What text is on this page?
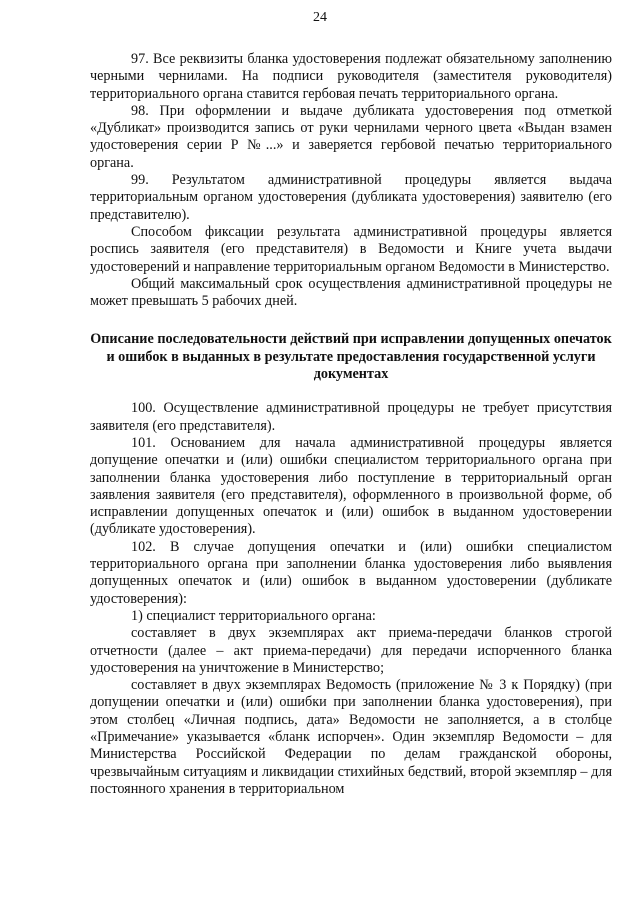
24

97. Все реквизиты бланка удостоверения подлежат обязательному заполнению черными чернилами. На подписи руководителя (заместителя руководителя) территориального органа ставится гербовая печать территориального органа.

98. При оформлении и выдаче дубликата удостоверения под отметкой «Дубликат» производится запись от руки чернилами черного цвета «Выдан взамен удостоверения серии Р №...» и заверяется гербовой печатью территориального органа.

99. Результатом административной процедуры является выдача территориальным органом удостоверения (дубликата удостоверения) заявителю (его представителю).

Способом фиксации результата административной процедуры является роспись заявителя (его представителя) в Ведомости и Книге учета выдачи удостоверений и направление территориальным органом Ведомости в Министерство.

Общий максимальный срок осуществления административной процедуры не может превышать 5 рабочих дней.

Описание последовательности действий при исправлении допущенных опечаток и ошибок в выданных в результате предоставления государственной услуги документах

100. Осуществление административной процедуры не требует присутствия заявителя (его представителя).

101. Основанием для начала административной процедуры является допущение опечатки и (или) ошибки специалистом территориального органа при заполнении бланка удостоверения либо поступление в территориальный орган заявления заявителя (его представителя), оформленного в произвольной форме, об исправлении допущенных опечаток и (или) ошибок в выданном удостоверении (дубликате удостоверения).

102. В случае допущения опечатки и (или) ошибки специалистом территориального органа при заполнении бланка удостоверения либо выявления допущенных опечаток и (или) ошибок в выданном удостоверении (дубликате удостоверения):

1) специалист территориального органа:

составляет в двух экземплярах акт приема-передачи бланков строгой отчетности (далее – акт приема-передачи) для передачи испорченного бланка удостоверения на уничтожение в Министерство;

составляет в двух экземплярах Ведомость (приложение № 3 к Порядку) (при допущении опечатки и (или) ошибки при заполнении бланка удостоверения), при этом столбец «Личная подпись, дата» Ведомости не заполняется, а в столбце «Примечание» указывается «бланк испорчен». Один экземпляр Ведомости – для Министерства Российской Федерации по делам гражданской обороны, чрезвычайным ситуациям и ликвидации стихийных бедствий, второй экземпляр – для постоянного хранения в территориальном
